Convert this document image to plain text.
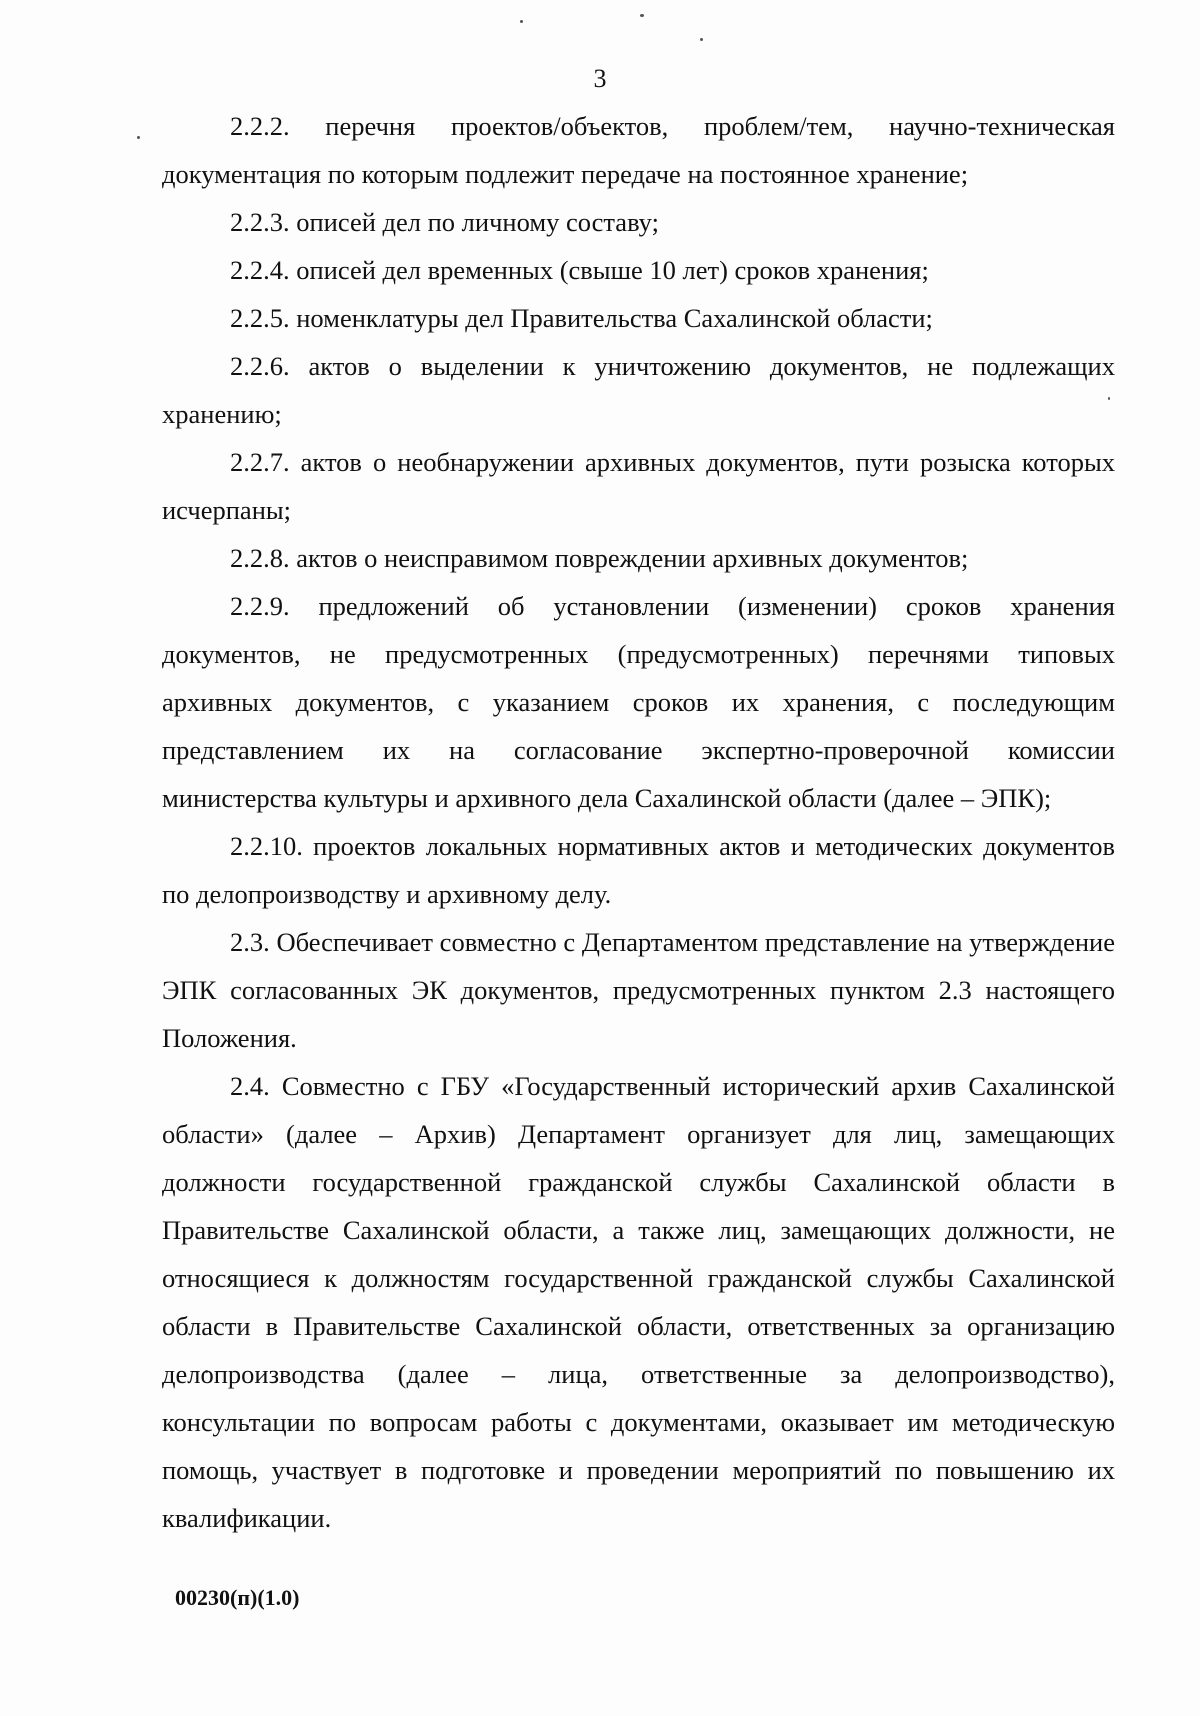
3

2.2.2. перечня проектов/объектов, проблем/тем, научно-техническая документация по которым подлежит передаче на постоянное хранение;

2.2.3. описей дел по личному составу;

2.2.4. описей дел временных (свыше 10 лет) сроков хранения;

2.2.5. номенклатуры дел Правительства Сахалинской области;

2.2.6. актов о выделении к уничтожению документов, не подлежащих хранению;

2.2.7. актов о необнаружении архивных документов, пути розыска которых исчерпаны;

2.2.8. актов о неисправимом повреждении архивных документов;

2.2.9. предложений об установлении (изменении) сроков хранения документов, не предусмотренных (предусмотренных) перечнями типовых архивных документов, с указанием сроков их хранения, с последующим представлением их на согласование экспертно-проверочной комиссии министерства культуры и архивного дела Сахалинской области (далее – ЭПК);

2.2.10. проектов локальных нормативных актов и методических документов по делопроизводству и архивному делу.

2.3. Обеспечивает совместно с Департаментом представление на утверждение ЭПК согласованных ЭК документов, предусмотренных пунктом 2.3 настоящего Положения.

2.4. Совместно с ГБУ «Государственный исторический архив Сахалинской области» (далее – Архив) Департамент организует для лиц, замещающих должности государственной гражданской службы Сахалинской области в Правительстве Сахалинской области, а также лиц, замещающих должности, не относящиеся к должностям государственной гражданской службы Сахалинской области в Правительстве Сахалинской области, ответственных за организацию делопроизводства (далее – лица, ответственные за делопроизводство), консультации по вопросам работы с документами, оказывает им методическую помощь, участвует в подготовке и проведении мероприятий по повышению их квалификации.

00230(п)(1.0)
